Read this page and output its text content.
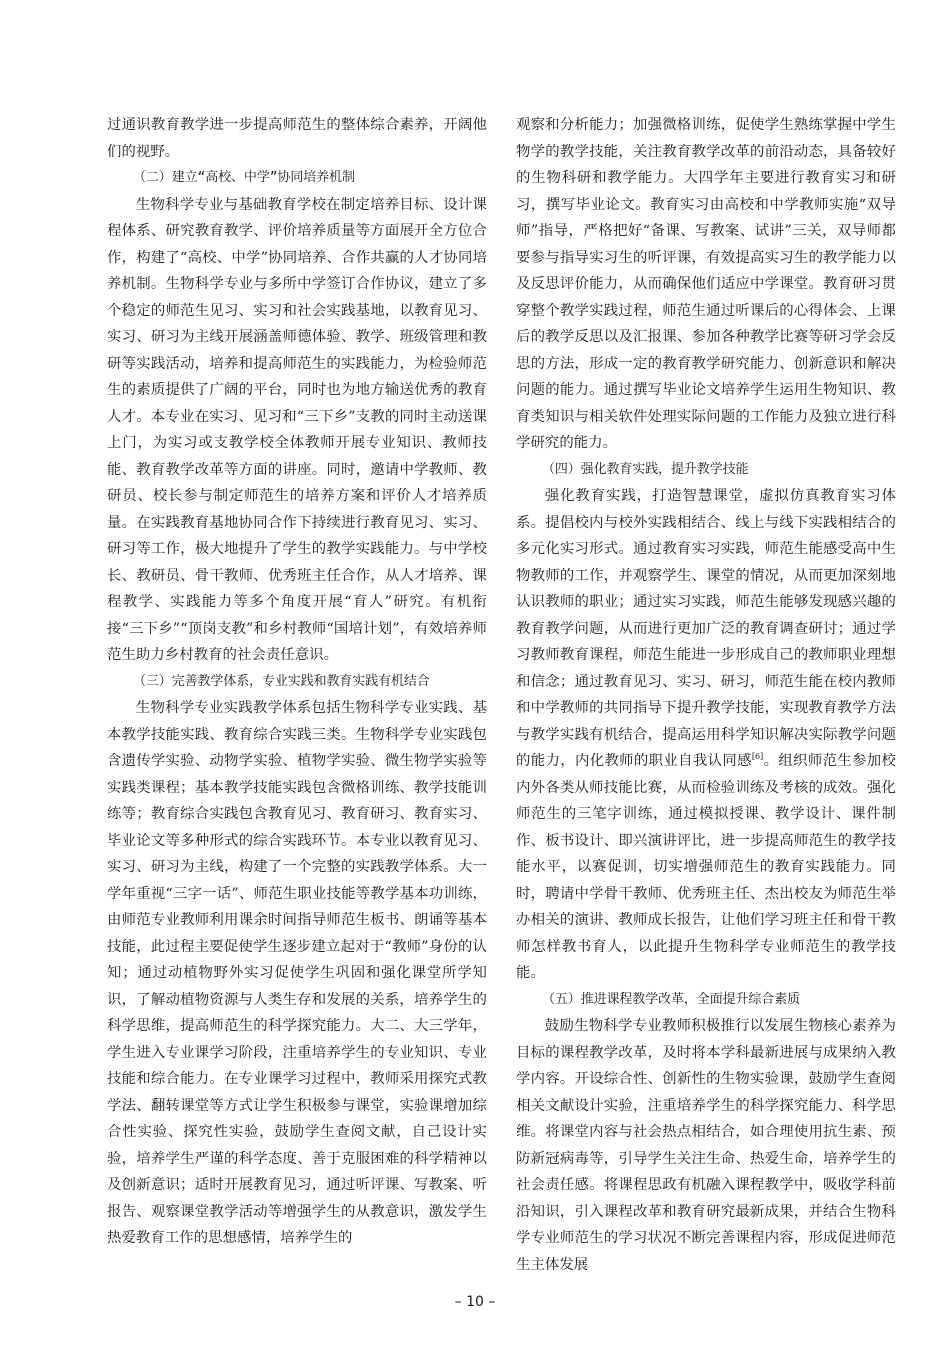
过通识教育教学进一步提高师范生的整体综合素养，开阔他们的视野。

（二）建立“高校、中学”协同培养机制

生物科学专业与基础教育学校在制定培养目标、设计课程体系、研究教育教学、评价培养质量等方面展开全方位合作，构建了“高校、中学”协同培养、合作共赢的人才协同培养机制。生物科学专业与多所中学签订合作协议，建立了多个稳定的师范生见习、实习和社会实践基地，以教育见习、实习、研习为主线开展涵盖师德体验、教学、班级管理和教研等实践活动，培养和提高师范生的实践能力，为检验师范生的素质提供了广阔的平台，同时也为地方输送优秀的教育人才。本专业在实习、见习和“三下乡”支教的同时主动送课上门，为实习或支教学校全体教师开展专业知识、教师技能、教育教学改革等方面的讲座。同时，邀请中学教师、教研员、校长参与制定师范生的培养方案和评价人才培养质量。在实践教育基地协同合作下持续进行教育见习、实习、研习等工作，极大地提升了学生的教学实践能力。与中学校长、教研员、骨干教师、优秀班主任合作，从人才培养、课程教学、实践能力等多个角度开展“育人”研究。有机衔接“三下乡”“顶岗支教”和乡村教师“国培计划”，有效培养师范生助力乡村教育的社会责任意识。

（三）完善教学体系，专业实践和教育实践有机结合

生物科学专业实践教学体系包括生物科学专业实践、基本教学技能实践、教育综合实践三类。生物科学专业实践包含遗传学实验、动物学实验、植物学实验、微生物学实验等实践类课程；基本教学技能实践包含微格训练、教学技能训练等；教育综合实践包含教育见习、教育研习、教育实习、毕业论文等多种形式的综合实践环节。本专业以教育见习、实习、研习为主线，构建了一个完整的实践教学体系。大一学年重视“三字一话”、师范生职业技能等教学基本功训练，由师范专业教师利用课余时间指导师范生板书、朗诵等基本技能，此过程主要促使学生逐步建立起对于“教师”身份的认知；通过动植物野外实习促使学生巩固和强化课堂所学知识，了解动植物资源与人类生存和发展的关系，培养学生的科学思维，提高师范生的科学探究能力。大二、大三学年，学生进入专业课学习阶段，注重培养学生的专业知识、专业技能和综合能力。在专业课学习过程中，教师采用探究式教学法、翻转课堂等方式让学生积极参与课堂，实验课增加综合性实验、探究性实验，鼓励学生查阅文献，自己设计实验，培养学生严谨的科学态度、善于克服困难的科学精神以及创新意识；适时开展教育见习，通过听评课、写教案、听报告、观察课堂教学活动等增强学生的从教意识，激发学生热爱教育工作的思想感情，培养学生的

观察和分析能力；加强微格训练，促使学生熟练掌握中学生物学的教学技能，关注教育教学改革的前沿动态，具备较好的生物科研和教学能力。大四学年主要进行教育实习和研习，撰写毕业论文。教育实习由高校和中学教师实施“双导师”指导，严格把好“备课、写教案、试讲”三关，双导师都要参与指导实习生的听评课，有效提高实习生的教学能力以及反思评价能力，从而确保他们适应中学课堂。教育研习贯穿整个教学实践过程，师范生通过听课后的心得体会、上课后的教学反思以及汇报课、参加各种教学比赛等研习学会反思的方法，形成一定的教育教学研究能力、创新意识和解决问题的能力。通过撰写毕业论文培养学生运用生物知识、教育类知识与相关软件处理实际问题的工作能力及独立进行科学研究的能力。

（四）强化教育实践，提升教学技能

强化教育实践，打造智慧课堂，虚拟仿真教育实习体系。提倡校内与校外实践相结合、线上与线下实践相结合的多元化实习形式。通过教育实习实践，师范生能感受高中生物教师的工作，并观察学生、课堂的情况，从而更加深刻地认识教师的职业；通过实习实践，师范生能够发现感兴趣的教育教学问题，从而进行更加广泛的教育调查研讨；通过学习教师教育课程，师范生能进一步形成自己的教师职业理想和信念；通过教育见习、实习、研习，师范生能在校内教师和中学教师的共同指导下提升教学技能，实现教育教学方法与教学实践有机结合，提高运用科学知识解决实际教学问题的能力，内化教师的职业自我认同感[6]。组织师范生参加校内外各类从师技能比赛，从而检验训练及考核的成效。强化师范生的三笔字训练，通过模拟授课、教学设计、课件制作、板书设计、即兴演讲评比，进一步提高师范生的教学技能水平，以赛促训，切实增强师范生的教育实践能力。同时，聘请中学骨干教师、优秀班主任、杰出校友为师范生举办相关的演讲、教师成长报告，让他们学习班主任和骨干教师怎样教书育人，以此提升生物科学专业师范生的教学技能。

（五）推进课程教学改革，全面提升综合素质

鼓励生物科学专业教师积极推行以发展生物核心素养为目标的课程教学改革，及时将本学科最新进展与成果纳入教学内容。开设综合性、创新性的生物实验课，鼓励学生查阅相关文献设计实验，注重培养学生的科学探究能力、科学思维。将课堂内容与社会热点相结合，如合理使用抗生素、预防新冠病毒等，引导学生关注生命、热爱生命，培养学生的社会责任感。将课程思政有机融入课程教学中，吸收学科前沿知识，引入课程改革和教育研究最新成果，并结合生物科学专业师范生的学习状况不断完善课程内容，形成促进师范生主体发展

– 10 –
